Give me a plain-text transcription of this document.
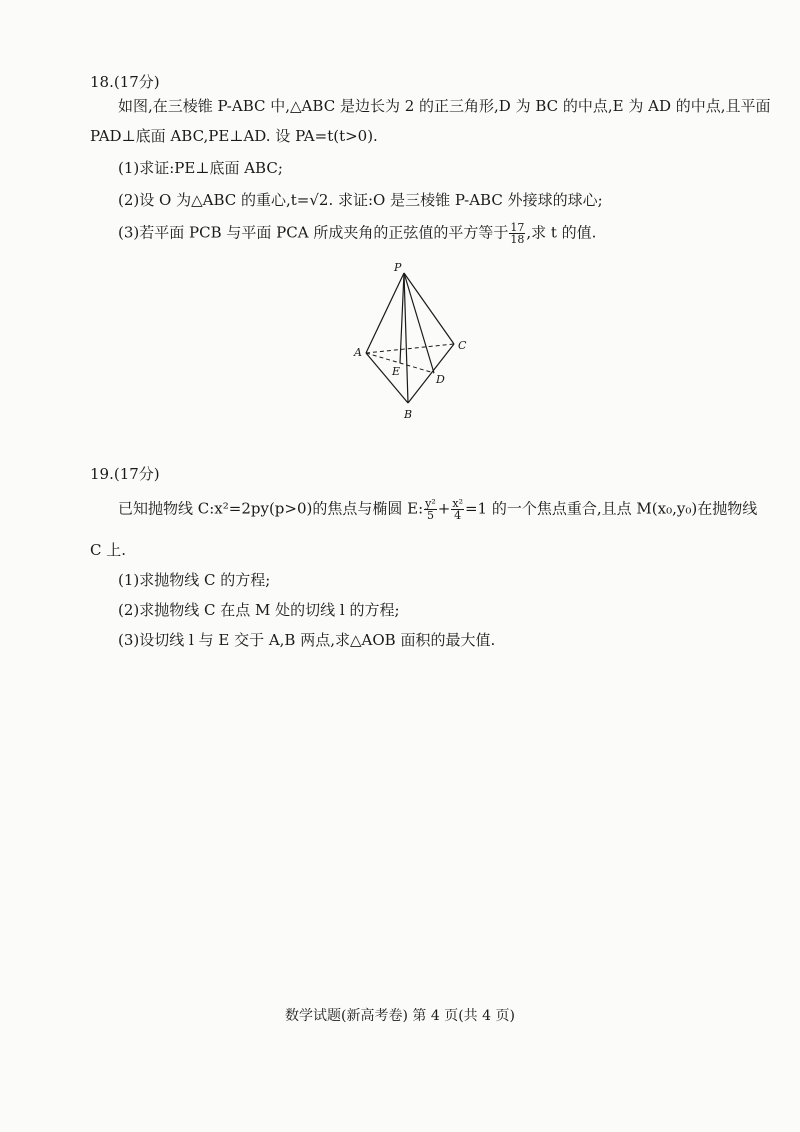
18.(17分)
如图,在三棱锥 P-ABC 中,△ABC 是边长为 2 的正三角形,D 为 BC 的中点,E 为 AD 的中点,且平面
PAD⊥底面 ABC,PE⊥AD. 设 PA=t(t>0).
(1)求证:PE⊥底面 ABC;
(2)设 O 为△ABC 的重心,t=√2. 求证:O 是三棱锥 P-ABC 外接球的球心;
(3)若平面 PCB 与平面 PCA 所成夹角的正弦值的平方等于 $\frac{17}{18}$ ,求 t 的值.
P
A
C
E
D
B
19.(17分)
已知抛物线 C:x²=2py(p>0)的焦点与椭圆 E: $\frac{\text{y²}}{5} + \frac{\text{x²}}{4} =1$ 的一个焦点重合,且点 M(x₀,y₀)在抛物线
C 上.
(1)求抛物线 C 的方程;
(2)求抛物线 C 在点 M 处的切线 l 的方程;
(3)设切线 l 与 E 交于 A,B 两点,求△AOB 面积的最大值.
数学试题(新高考卷) 第 4 页(共 4 页)
